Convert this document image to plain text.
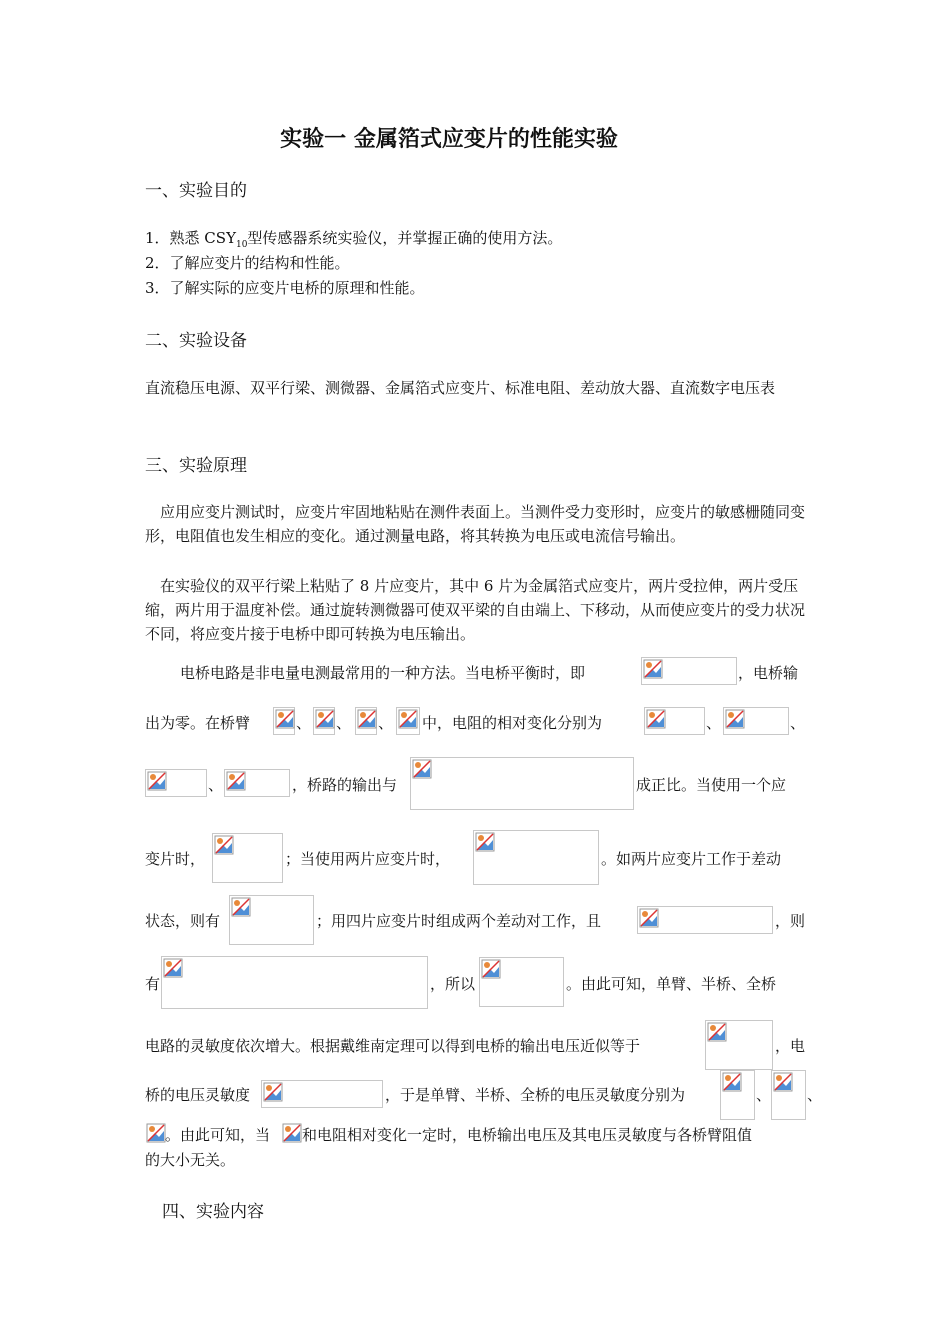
实验一 金属箔式应变片的性能实验
一、实验目的
1．熟悉 $CSY_{10}$型传感器系统实验仪，并掌握正确的使用方法。
2．了解应变片的结构和性能。
3．了解实际的应变片电桥的原理和性能。
二、实验设备
直流稳压电源、双平行梁、测微器、金属箔式应变片、标准电阻、差动放大器、直流数字电压表
三、实验原理
应用应变片测试时，应变片牢固地粘贴在测件表面上。当测件受力变形时，应变片的敏感栅随同变形，电阻值也发生相应的变化。通过测量电路，将其转换为电压或电流信号输出。
在实验仪的双平行梁上粘贴了 8 片应变片，其中 6 片为金属箔式应变片，两片受拉伸，两片受压缩，两片用于温度补偿。通过旋转测微器可使双平梁的自由端上、下移动，从而使应变片的受力状况不同，将应变片接于电桥中即可转换为电压输出。
电桥电路是非电量电测最常用的一种方法。当电桥平衡时，即	，电桥输
出为零。在桥臂	、 、 、 中，电阻的相对变化分别为	、	、
、	，桥路的输出与	成正比。当使用一个应
变片时，	；当使用两片应变片时，	。如两片应变片工作于差动
状态，则有	；用四片应变片时组成两个差动对工作，且	，则
有	，所以	。由此可知，单臂、半桥、全桥
电路的灵敏度依次增大。根据戴维南定理可以得到电桥的输出电压近似等于	，电
桥的电压灵敏度	，于是单臂、半桥、全桥的电压灵敏度分别为	、 、
。由此可知，当 和电阻相对变化一定时，电桥输出电压及其电压灵敏度与各桥臂阻值
的大小无关。
四、实验内容
